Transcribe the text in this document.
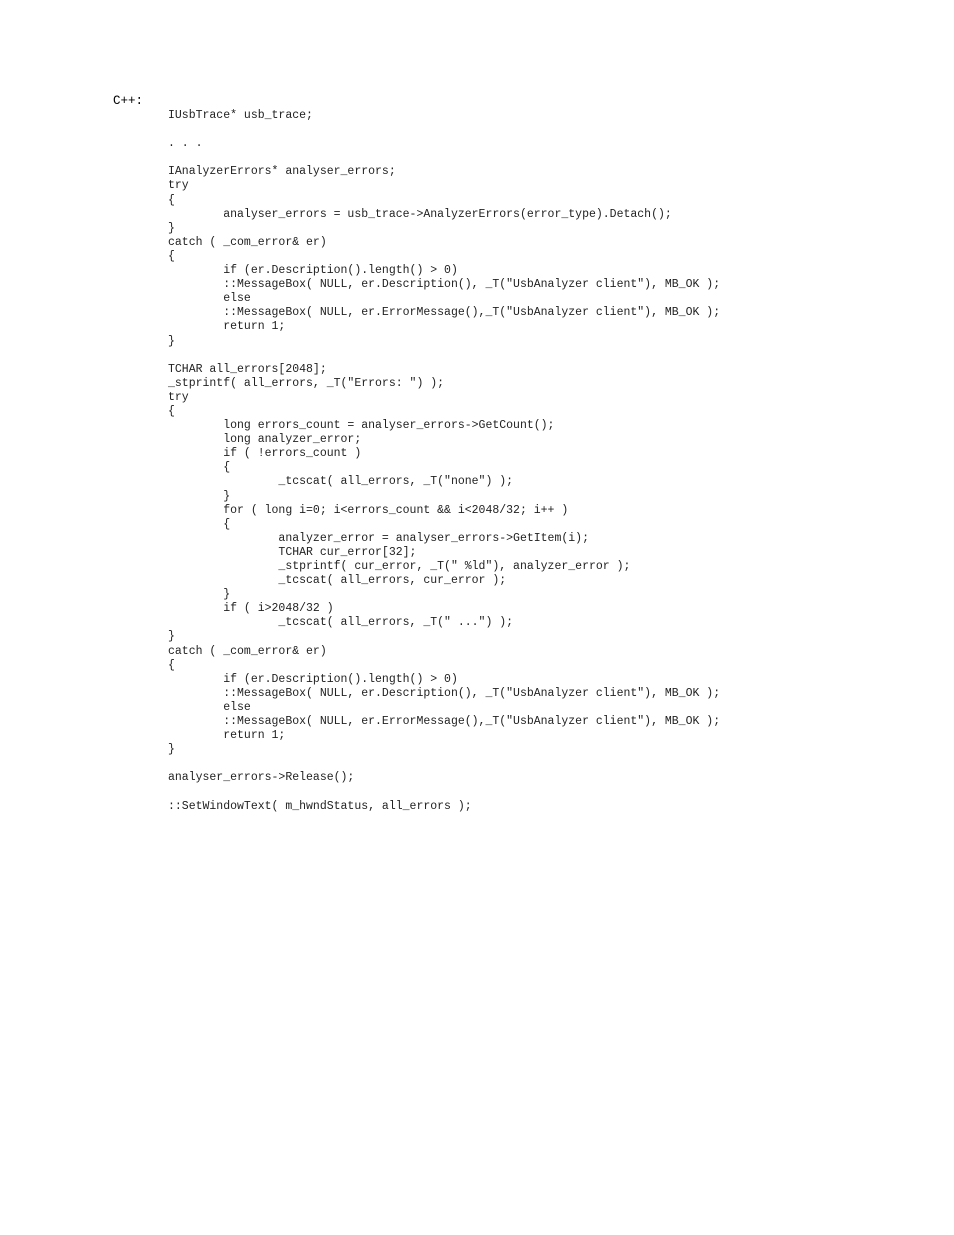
C++:
IUsbTrace* usb_trace;

. . .

IAnalyzerErrors* analyser_errors;
try
{
analyser_errors = usb_trace->AnalyzerErrors(error_type).Detach();
}
catch ( _com_error& er)
{
if (er.Description().length() > 0)
::MessageBox( NULL, er.Description(), _T("UsbAnalyzer client"), MB_OK );
else
::MessageBox( NULL, er.ErrorMessage(),_T("UsbAnalyzer client"), MB_OK );
return 1;
}

TCHAR all_errors[2048];
_stprintf( all_errors, _T("Errors: ") );
try
{
long errors_count = analyser_errors->GetCount();
long analyzer_error;
if ( !errors_count )
{
_tcscat( all_errors, _T("none") );
}
for ( long i=0; i<errors_count && i<2048/32; i++ )
{
analyzer_error = analyser_errors->GetItem(i);
TCHAR cur_error[32];
_stprintf( cur_error, _T(" %ld"), analyzer_error );
_tcscat( all_errors, cur_error );
}
if ( i>2048/32 )
_tcscat( all_errors, _T(" ...") );
}
catch ( _com_error& er)
{
if (er.Description().length() > 0)
::MessageBox( NULL, er.Description(), _T("UsbAnalyzer client"), MB_OK );
else
::MessageBox( NULL, er.ErrorMessage(),_T("UsbAnalyzer client"), MB_OK );
return 1;
}

analyser_errors->Release();

::SetWindowText( m_hwndStatus, all_errors );
